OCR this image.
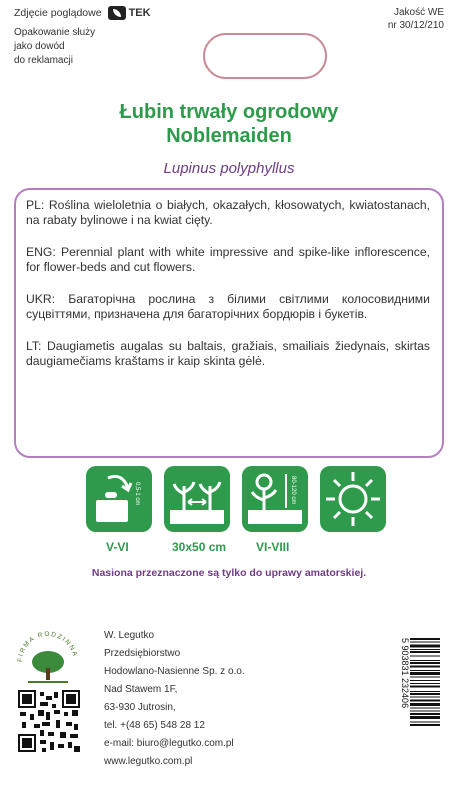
Zdjęcie poglądowe TEK
Opakowanie służy
jako dowód
do reklamacji
Jakość WE
nr 30/12/210
Łubin trwały ogrodowy
Noblemaiden
Lupinus polyphyllus

PL: Roślina wieloletnia o białych, okazałych, kłosowatych, kwiatostanach, na rabaty bylinowe i na kwiat cięty.

ENG: Perennial plant with white impressive and spike-like inflorescence, for flower-beds and cut flowers.

UKR: Багаторічна рослина з білими світлими колосовидними суцвіттями, призначена для багаторічних бордюрів і букетів.

LT: Daugiametis augalas su baltais, gražiais, smailiais žiedynais, skirtas daugiamečiams kraštams ir kaip skinta gėlė.

0,5-1 cm	80-120 cm
V-VI	30x50 cm VI-VIII
Nasiona przeznaczone są tylko do uprawy amatorskiej.
FIRMA RODZINNA
W. Legutko
Przedsiębiorstwo
Hodowlano-Nasienne Sp. z o.o.
Nad Stawem 1F,
63-930 Jutrosin,
tel. +(48 65) 548 28 12
e-mail: biuro@legutko.com.pl
www.legutko.com.pl
5 903831 232406
